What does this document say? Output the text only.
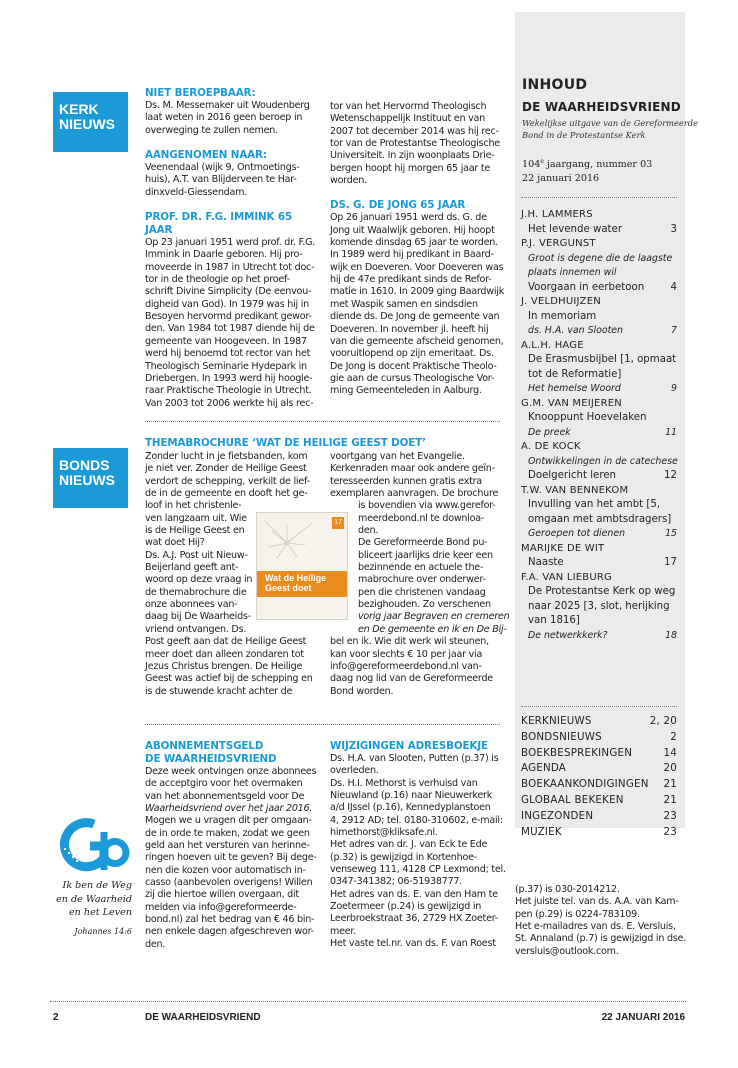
KERK
NIEUWS
BONDS
NIEUWS
NIET BEROEPBAAR:

Ds. M. Messemaker uit Woudenberg

laat weten in 2016 geen beroep in

overweging te zullen nemen.

AANGENOMEN NAAR:

Veenendaal (wijk 9, Ontmoetings-

huis), A.T. van Blijderveen te Har-

dinxveld-Giessendam.

PROF. DR. F.G. IMMINK 65 JAAR

Op 23 januari 1951 werd prof. dr. F.G.

Immink in Daarle geboren. Hij pro-

moveerde in 1987 in Utrecht tot doc-

tor in de theologie op het proef-

schrift Divine Simplicity (De eenvou-

digheid van God). In 1979 was hij in

Besoyen hervormd predikant gewor-

den. Van 1984 tot 1987 diende hij de

gemeente van Hoogeveen. In 1987

werd hij benoemd tot rector van het

Theologisch Seminarie Hydepark in

Driebergen. In 1993 werd hij hoogle-

raar Praktische Theologie in Utrecht.

Van 2003 tot 2006 werkte hij als rec-

tor van het Hervormd Theologisch

Wetenschappelijk Instituut en van

2007 tot december 2014 was hij rec-

tor van de Protestantse Theologische

Universiteit. In zijn woonplaats Drie-

bergen hoopt hij morgen 65 jaar te

worden.

DS. G. DE JONG 65 JAAR

Op 26 januari 1951 werd ds. G. de

Jong uit Waalwijk geboren. Hij hoopt

komende dinsdag 65 jaar te worden.

In 1989 werd hij predikant in Baard-

wijk en Doeveren. Voor Doeveren was

hij de 47e predikant sinds de Refor-

matie in 1610. In 2009 ging Baardwijk

met Waspik samen en sindsdien

diende ds. De Jong de gemeente van

Doeveren. In november jl. heeft hij

van die gemeente afscheid genomen,

vooruitlopend op zijn emeritaat. Ds.

De Jong is docent Praktische Theolo-

gie aan de cursus Theologische Vor-

ming Gemeenteleden in Aalburg.

THEMABROCHURE ‘WAT DE HEILIGE GEEST DOET’

Zonder lucht in je fietsbanden, kom

je niet ver. Zonder de Heilige Geest

verdort de schepping, verkilt de lief-

de in de gemeente en dooft het ge-

loof in het christenle-

ven langzaam uit. Wie

is de Heilige Geest en

wat doet Hij?

Ds. A.J. Post uit Nieuw-

Beijerland geeft ant-

woord op deze vraag in

de themabrochure die

onze abonnees van-

daag bij De Waarheids-

vriend ontvangen. Ds.

Post geeft aan dat de Heilige Geest

meer doet dan alleen zondaren tot

Jezus Christus brengen. De Heilige

Geest was actief bij de schepping en

is de stuwende kracht achter de

17
Wat de Heilige
Geest doet

voortgang van het Evangelie.

Kerkenraden maar ook andere geïn-

teresseerden kunnen gratis extra

exemplaren aanvragen. De brochure

is bovendien via www.gerefor-

meerdebond.nl te downloa-

den.

De Gereformeerde Bond pu-

bliceert jaarlijks drie keer een

bezinnende en actuele the-

mabrochure over onderwer-

pen die christenen vandaag

bezighouden. Zo verschenen

vorig jaar Begraven en cremeren

en De gemeente en ik en De Bij-

bel en ik. Wie dit werk wil steunen,

kan voor slechts € 10 per jaar via

info@gereformeerdebond.nl van-

daag nog lid van de Gereformeerde

Bond worden.

ABONNEMENTSGELD
DE WAARHEIDSVRIEND

Deze week ontvingen onze abonnees

de acceptgiro voor het overmaken

van het abonnementsgeld voor De

Waarheidsvriend over het jaar 2016.

Mogen we u vragen dit per omgaan-

de in orde te maken, zodat we geen

geld aan het versturen van herinne-

ringen hoeven uit te geven? Bij dege-

nen die kozen voor automatisch in-

casso (aanbevolen overigens! Willen

zij die hiertoe willen overgaan, dit

melden via info@gereformeerde-

bond.nl) zal het bedrag van € 46 bin-

nen enkele dagen afgeschreven wor-

den.

WIJZIGINGEN ADRESBOEKJE

Ds. H.A. van Slooten, Putten (p.37) is

overleden.

Ds. H.I. Methorst is verhuisd van

Nieuwland (p.16) naar Nieuwerkerk

a/d IJssel (p.16), Kennedyplanstoen

4, 2912 AD; tel. 0180-310602, e-mail:

himethorst@kliksafe.nl.

Het adres van dr. J. van Eck te Ede

(p.32) is gewijzigd in Kortenhoe-

venseweg 111, 4128 CP Lexmond; tel.

0347-341382; 06-51938777.

Het adres van ds. E. van den Ham te

Zoetermeer (p.24) is gewijzigd in

Leerbroekstraat 36, 2729 HX Zoeter-

meer.

Het vaste tel.nr. van ds. F. van Roest

(p.37) is 030-2014212.

Het juiste tel. van ds. A.A. van Kam-

pen (p.29) is 0224-783109.

Het e-mailadres van ds. E. Versluis,

St. Annaland (p.7) is gewijzigd in dse.

versluis@outlook.com.

Ik ben de Weg
en de Waarheid
en het Leven
Johannes 14:6
INHOUD
DE WAARHEIDSVRIEND
Wekelijkse uitgave van de Gereformeerde
Bond in de Protestantse Kerk
104e jaargang, nummer 03
22 januari 2016
J.H. LAMMERS
Het levende water	3
P.J. VERGUNST
Groot is degene die de laagste
plaats innemen wil
Voorgaan in eerbetoon	4
J. VELDHUIJZEN
In memoriam
ds. H.A. van Slooten	7
A.L.H. HAGE
De Erasmusbijbel [1, opmaat
tot de Reformatie]
Het hemelse Woord	9
G.M. VAN MEIJEREN
Knooppunt Hoevelaken
De preek	11
A. DE KOCK
Ontwikkelingen in de catechese
Doelgericht leren	12
T.W. VAN BENNEKOM
Invulling van het ambt [5,
omgaan met ambtsdragers]
Geroepen tot dienen	15
MARIJKE DE WIT
Naaste	17
F.A. VAN LIEBURG
De Protestantse Kerk op weg
naar 2025 [3, slot, herijking
van 1816]
De netwerkkerk?	18
KERKNIEUWS	2, 20
BONDSNIEUWS	2
BOEKBESPREKINGEN	14
AGENDA	20
BOEKAANKONDIGINGEN 21
GLOBAAL BEKEKEN	21
INGEZONDEN	23
MUZIEK	23
2	DE WAARHEIDSVRIEND	22 JANUARI 2016
